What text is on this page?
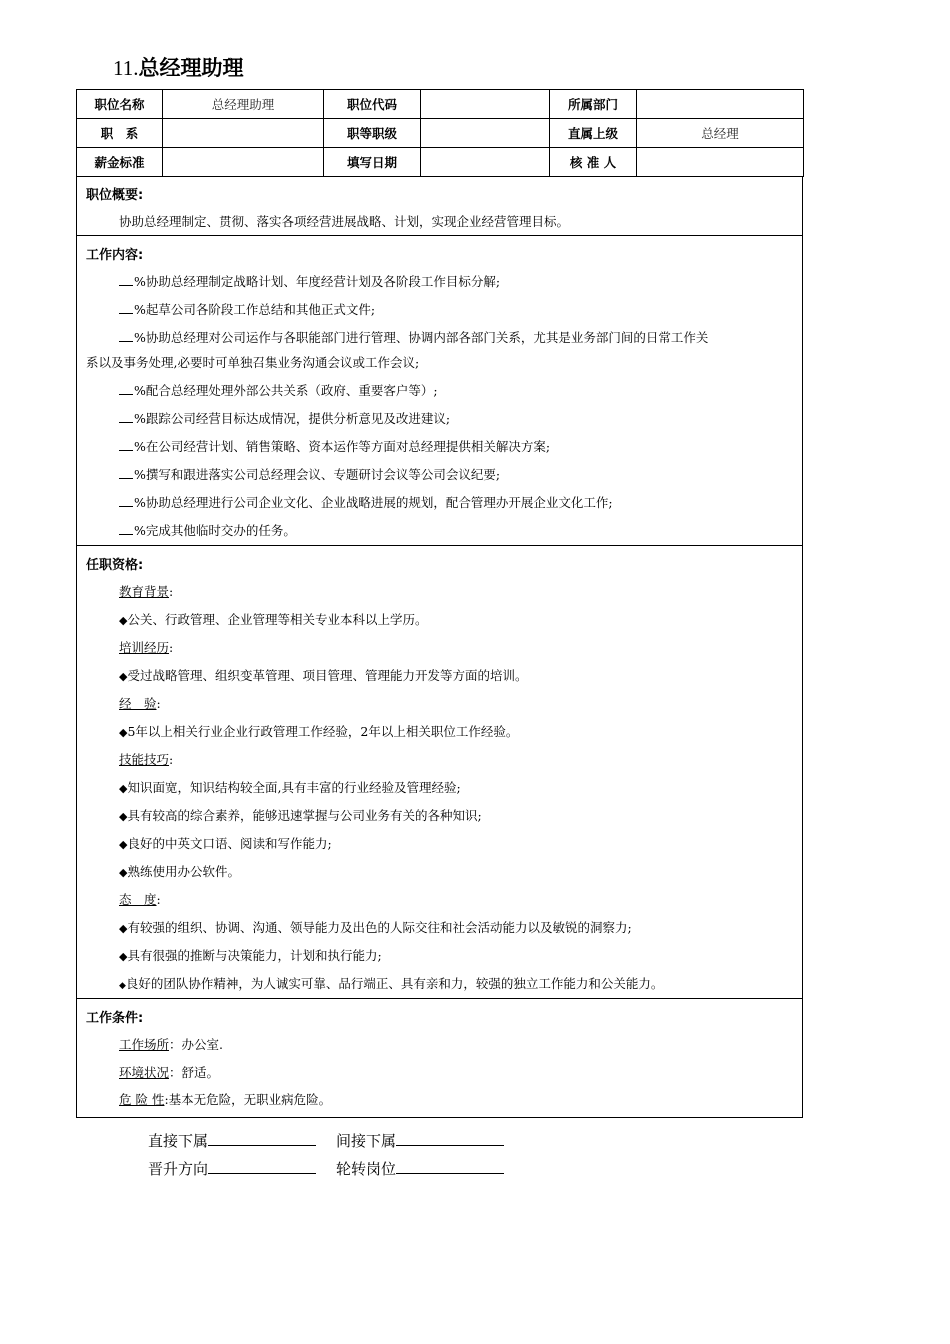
11.总经理助理
职位名称	总经理助理	职位代码		所属部门	
职　系		职等职级		直属上级	总经理
薪金标准		填写日期		核 准 人	
职位概要:
协助总经理制定、贯彻、落实各项经营进展战略、计划，实现企业经营管理目标。
工作内容:
%协助总经理制定战略计划、年度经营计划及各阶段工作目标分解;
%起草公司各阶段工作总结和其他正式文件;
%协助总经理对公司运作与各职能部门进行管理、协调内部各部门关系，尤其是业务部门间的日常工作关
系以及事务处理,必要时可单独召集业务沟通会议或工作会议;
%配合总经理处理外部公共关系（政府、重要客户等）;
%跟踪公司经营目标达成情况，提供分析意见及改进建议;
%在公司经营计划、销售策略、资本运作等方面对总经理提供相关解决方案;
%撰写和跟进落实公司总经理会议、专题研讨会议等公司会议纪要;
%协助总经理进行公司企业文化、企业战略进展的规划，配合管理办开展企业文化工作;
%完成其他临时交办的任务。
任职资格:
教育背景:
◆公关、行政管理、企业管理等相关专业本科以上学历。
培训经历:
◆受过战略管理、组织变革管理、项目管理、管理能力开发等方面的培训。
经　验:
◆5年以上相关行业企业行政管理工作经验，2年以上相关职位工作经验。
技能技巧:
◆知识面宽，知识结构较全面,具有丰富的行业经验及管理经验;
◆具有较高的综合素养，能够迅速掌握与公司业务有关的各种知识;
◆良好的中英文口语、阅读和写作能力;
◆熟练使用办公软件。
态　度:
◆有较强的组织、协调、沟通、领导能力及出色的人际交往和社会活动能力以及敏锐的洞察力;
◆具有很强的推断与决策能力，计划和执行能力;
◆良好的团队协作精神，为人诚实可靠、品行端正、具有亲和力，较强的独立工作能力和公关能力。
工作条件:
工作场所：办公室.
环境状况：舒适。
危 险 性:基本无危险，无职业病危险。
直接下属	间接下属
晋升方向	轮转岗位
